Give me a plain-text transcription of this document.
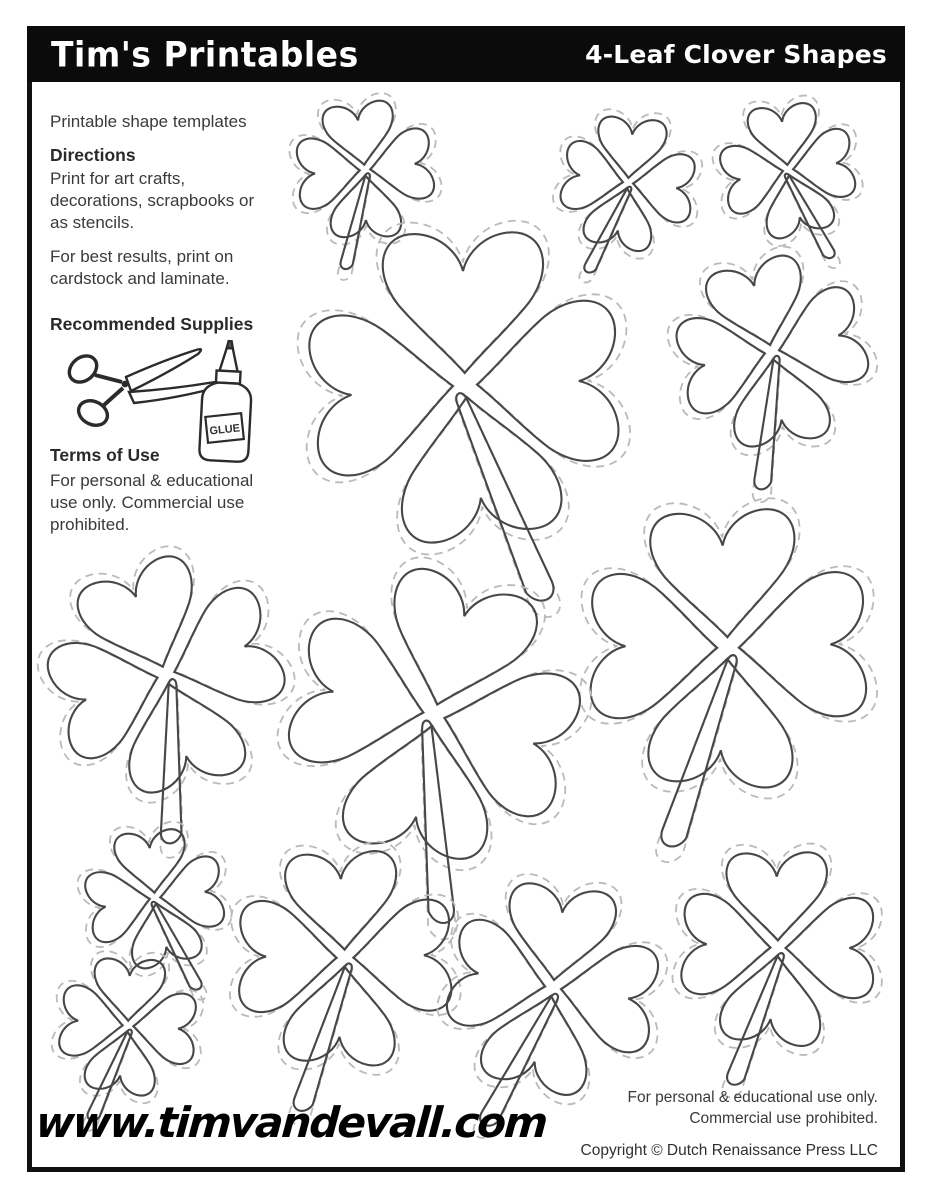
GLUE
Tim's Printables	4-Leaf Clover Shapes
Printable shape templates
Directions
Print for art crafts,
decorations, scrapbooks or
as stencils.
For best results, print on
cardstock and laminate.
Recommended Supplies
Terms of Use
For personal & educational
use only. Commercial use
prohibited.
www.timvandevall.com
For personal & educational use only.
Commercial use prohibited.
Copyright © Dutch Renaissance Press LLC
